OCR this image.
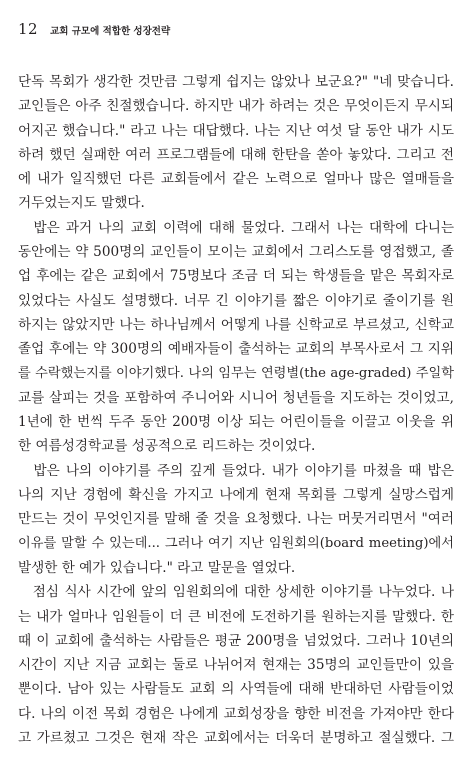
12 교회 규모에 적합한 성장전략
단독 목회가 생각한 것만큼 그렇게 쉽지는 않았나 보군요?" "네 맞습니다.
교인들은 아주 친절했습니다. 하지만 내가 하려는 것은 무엇이든지 무시되
어지곤 했습니다." 라고 나는 대답했다. 나는 지난 여섯 달 동안 내가 시도
하려 했던 실패한 여러 프로그램들에 대해 한탄을 쏟아 놓았다. 그리고 전
에 내가 일직했던 다른 교회들에서 같은 노력으로 얼마나 많은 열매들을
거두었는지도 말했다.
　밥은 과거 나의 교회 이력에 대해 물었다. 그래서 나는 대학에 다니는
동안에는 약 500명의 교인들이 모이는 교회에서 그리스도를 영접했고, 졸
업 후에는 같은 교회에서 75명보다 조금 더 되는 학생들을 맡은 목회자로
있었다는 사실도 설명했다. 너무 긴 이야기를 짧은 이야기로 줄이기를 원
하지는 않았지만 나는 하나님께서 어떻게 나를 신학교로 부르셨고, 신학교
졸업 후에는 약 300명의 예배자들이 출석하는 교회의 부목사로서 그 지위
를 수락했는지를 이야기했다. 나의 임무는 연령별(the age-graded) 주일학
교를 살피는 것을 포함하여 주니어와 시니어 청년들을 지도하는 것이었고,
1년에 한 번씩 두주 동안 200명 이상 되는 어린이들을 이끌고 이웃을 위
한 여름성경학교를 성공적으로 리드하는 것이었다.
　밥은 나의 이야기를 주의 깊게 들었다. 내가 이야기를 마쳤을 때 밥은
나의 지난 경험에 확신을 가지고 나에게 현재 목회를 그렇게 실망스럽게
만드는 것이 무엇인지를 말해 줄 것을 요청했다. 나는 머뭇거리면서 "여러
이유를 말할 수 있는데... 그러나 여기 지난 임원회의(board meeting)에서
발생한 한 예가 있습니다." 라고 말문을 열었다.
　점심 식사 시간에 앞의 임원회의에 대한 상세한 이야기를 나누었다. 나
는 내가 얼마나 임원들이 더 큰 비전에 도전하기를 원하는지를 말했다. 한
때 이 교회에 출석하는 사람들은 평균 200명을 넘었었다. 그러나 10년의
시간이 지난 지금 교회는 둘로 나뉘어져 현재는 35명의 교인들만이 있을
뿐이다. 남아 있는 사람들도 교회 의 사역들에 대해 반대하던 사람들이었
다. 나의 이전 목회 경험은 나에게 교회성장을 향한 비전을 가져야만 한다
고 가르쳤고 그것은 현재 작은 교회에서는 더욱더 분명하고 절실했다. 그
